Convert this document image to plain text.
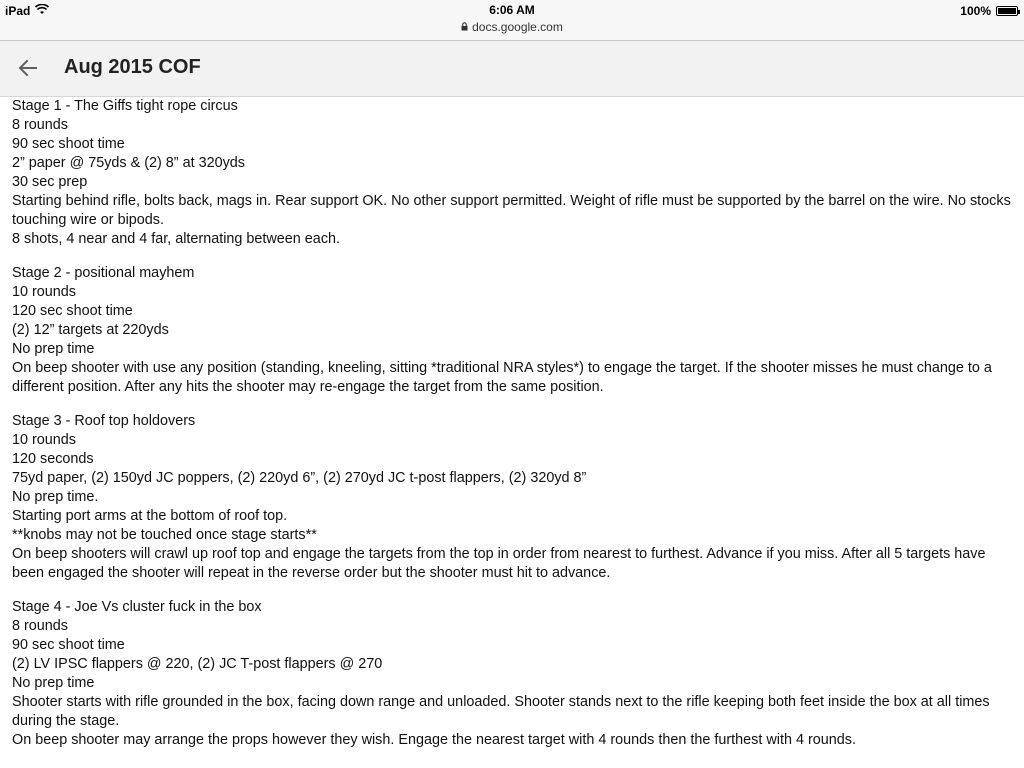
iPad	6:06 AM
docs.google.com
100%
Aug 2015 COF
Stage 1 - The Giffs tight rope circus
8 rounds
90 sec shoot time
2” paper @ 75yds & (2) 8” at 320yds
30 sec prep
Starting behind rifle, bolts back, mags in. Rear support OK. No other support permitted. Weight of rifle must be supported by the barrel on the wire. No stocks touching wire or bipods.
8 shots, 4 near and 4 far, alternating between each.
Stage 2 - positional mayhem
10 rounds
120 sec shoot time
(2) 12” targets at 220yds
No prep time
On beep shooter with use any position (standing, kneeling, sitting *traditional NRA styles*) to engage the target. If the shooter misses he must change to a different position. After any hits the shooter may re-engage the target from the same position.
Stage 3 - Roof top holdovers
10 rounds
120 seconds
75yd paper, (2) 150yd JC poppers, (2) 220yd 6”, (2) 270yd JC t-post flappers, (2) 320yd 8”
No prep time.
Starting port arms at the bottom of roof top.
**knobs may not be touched once stage starts**
On beep shooters will crawl up roof top and engage the targets from the top in order from nearest to furthest. Advance if you miss. After all 5 targets have been engaged the shooter will repeat in the reverse order but the shooter must hit to advance.
Stage 4 - Joe Vs cluster fuck in the box
8 rounds
90 sec shoot time
(2) LV IPSC flappers @ 220, (2) JC T-post flappers @ 270
No prep time
Shooter starts with rifle grounded in the box, facing down range and unloaded. Shooter stands next to the rifle keeping both feet inside the box at all times during the stage.
On beep shooter may arrange the props however they wish. Engage the nearest target with 4 rounds then the furthest with 4 rounds.
